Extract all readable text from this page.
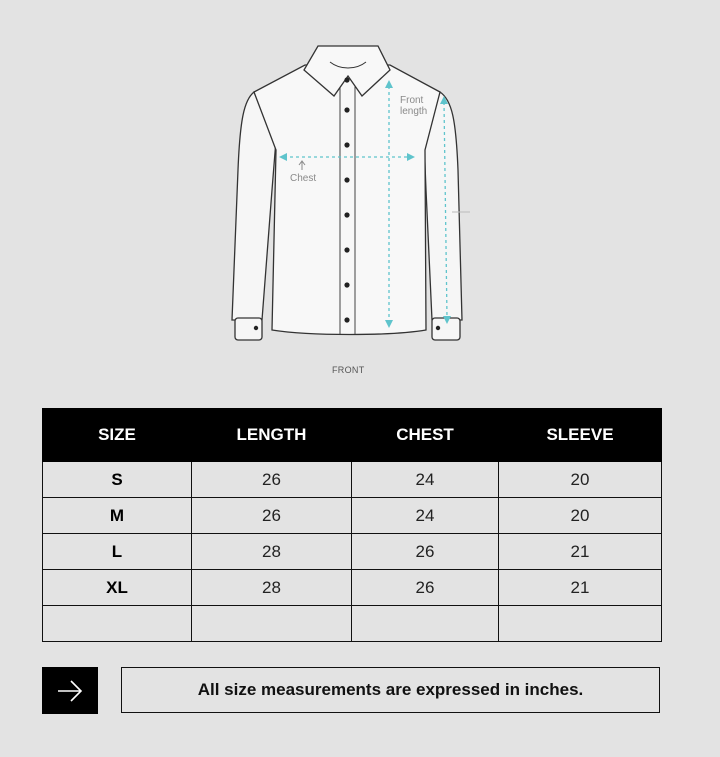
Chest
Front
length
FRONT
SIZE	LENGTH	CHEST	SLEEVE
S	26	24	20
M	26	24	20
L	28	26	21
XL	28	26	21

All size measurements are expressed in inches.
